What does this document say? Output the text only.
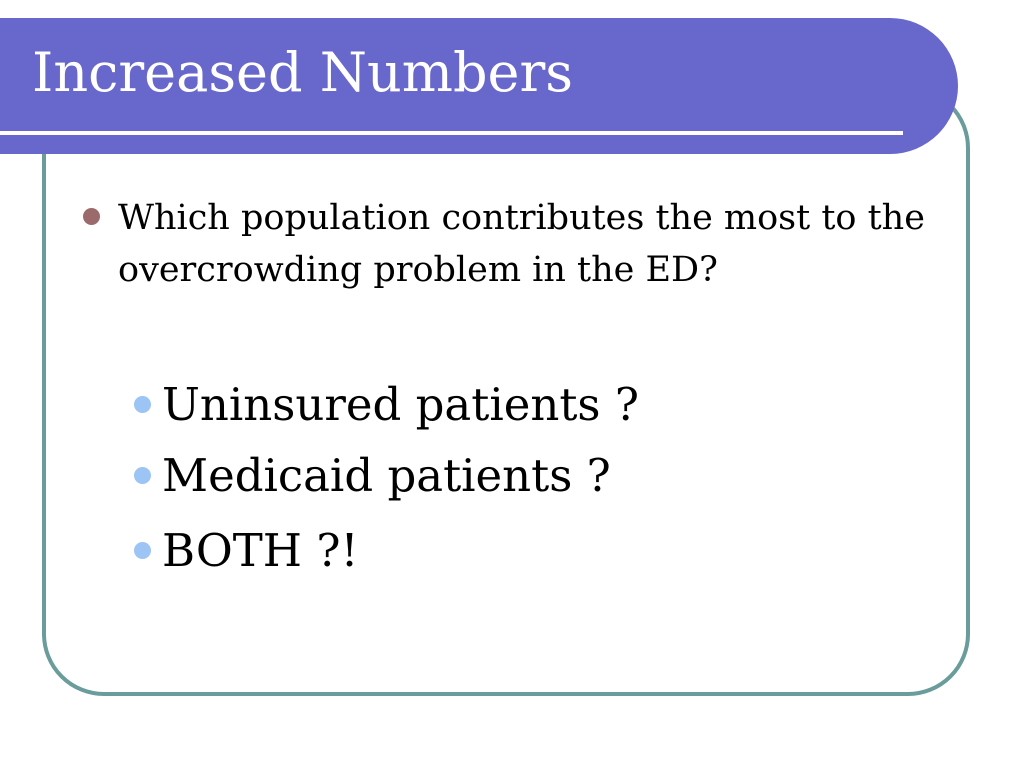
Increased Numbers
Which population contributes the most to the overcrowding problem in the ED?
Uninsured patients ?
Medicaid patients ?
BOTH ?!
